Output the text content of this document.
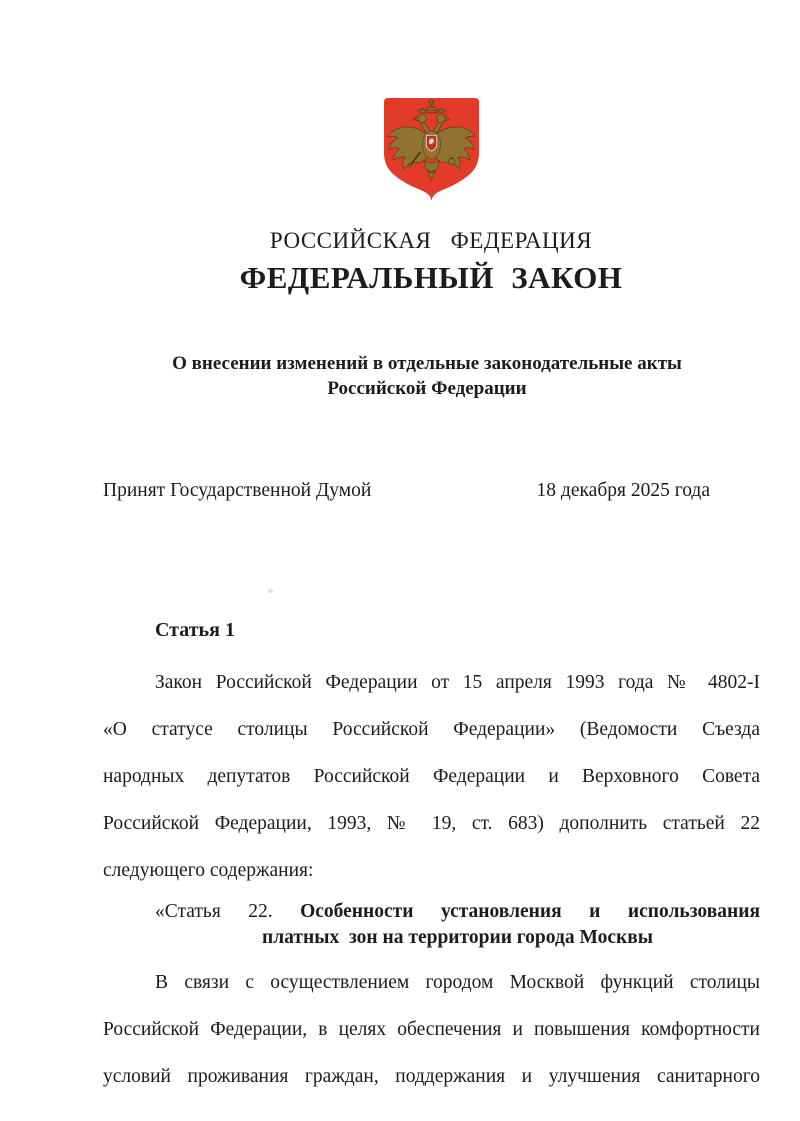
РОССИЙСКАЯ ФЕДЕРАЦИЯ
ФЕДЕРАЛЬНЫЙ ЗАКОН
О внесении изменений в отдельные законодательные акты
Российской Федерации
Принят Государственной Думой	18 декабря 2025 года
Статья 1
Закон Российской Федерации от 15 апреля 1993 года № 4802-I
«О статусе столицы Российской Федерации» (Ведомости Съезда
народных депутатов Российской Федерации и Верховного Совета
Российской Федерации, 1993, № 19, ст. 683) дополнить статьей 22
следующего содержания:
«Статья 22. Особенности установления и использования
платных  зон на территории города Москвы
В связи с осуществлением городом Москвой функций столицы
Российской Федерации, в целях обеспечения и повышения комфортности
условий проживания граждан, поддержания и улучшения санитарного
